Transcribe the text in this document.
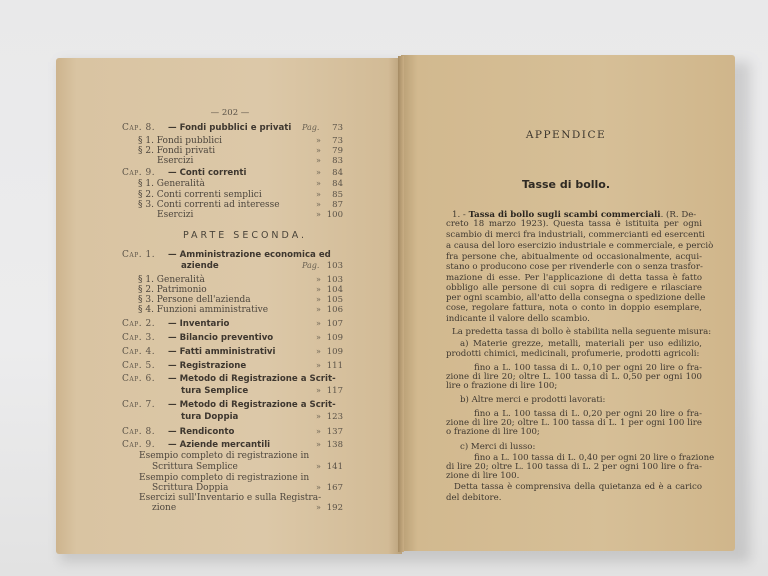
— 202 —
PARTE SECONDA.
Cap. 8. — Fondi pubblici e privati Pag.	73
§ 1. Fondi pubblici	»	73
§ 2. Fondi privati	»	79
Esercizi	»	83
Cap. 9. — Conti correnti	»	84
§ 1. Generalità	»	84
§ 2. Conti correnti semplici	»	85
§ 3. Conti correnti ad interesse	»	87
Esercizi	» 100
Cap. 1. — Amministrazione economica ed
aziende	Pag. 103
§ 1. Generalità	» 103
§ 2. Patrimonio	» 104
§ 3. Persone dell'azienda	» 105
§ 4. Funzioni amministrative	» 106
Cap. 2. — Inventario	» 107
Cap. 3. — Bilancio preventivo	» 109
Cap. 4. — Fatti amministrativi	» 109
Cap. 5. — Registrazione	» 111
Cap. 6. — Metodo di Registrazione a Scrit-
tura Semplice	» 117
Cap. 7. — Metodo di Registrazione a Scrit-
tura Doppia	» 123
Cap. 8. — Rendiconto	» 137
Cap. 9. — Aziende mercantili	» 138
Esempio completo di registrazione in
Scrittura Semplice	» 141
Esempio completo di registrazione in
Scrittura Doppia	» 167
Esercizi sull'Inventario e sulla Registra-
zione	» 192
APPENDICE
Tasse di bollo.
1. - Tassa di bollo sugli scambi commerciali. (R. De-
creto 18 marzo 1923). Questa tassa è istituita per ogni
scambio di merci fra industriali, commercianti ed esercenti
a causa del loro esercizio industriale e commerciale, e perciò
fra persone che, abitualmente od occasionalmente, acqui-
stano o producono cose per rivenderle con o senza trasfor-
mazione di esse. Per l'applicazione di detta tassa è fatto
obbligo alle persone di cui sopra di redigere e rilasciare
per ogni scambio, all'atto della consegna o spedizione delle
cose, regolare fattura, nota o conto in doppio esemplare,
indicante il valore dello scambio.
La predetta tassa di bollo è stabilita nella seguente misura:
a) Materie grezze, metalli, materiali per uso edilizio,
prodotti chimici, medicinali, profumerie, prodotti agricoli:
fino a L. 100 tassa di L. 0,10 per ogni 20 lire o fra-
zione di lire 20; oltre L. 100 tassa di L. 0,50 per ogni 100
lire o frazione di lire 100;
b) Altre merci e prodotti lavorati:
fino a L. 100 tassa di L. 0,20 per ogni 20 lire o fra-
zione di lire 20; oltre L. 100 tassa di L. 1 per ogni 100 lire
o frazione di lire 100;
c) Merci di lusso:
fino a L. 100 tassa di L. 0,40 per ogni 20 lire o frazione
di lire 20; oltre L. 100 tassa di L. 2 per ogni 100 lire o fra-
zione di lire 100.
Detta tassa è comprensiva della quietanza ed è a carico
del debitore.
